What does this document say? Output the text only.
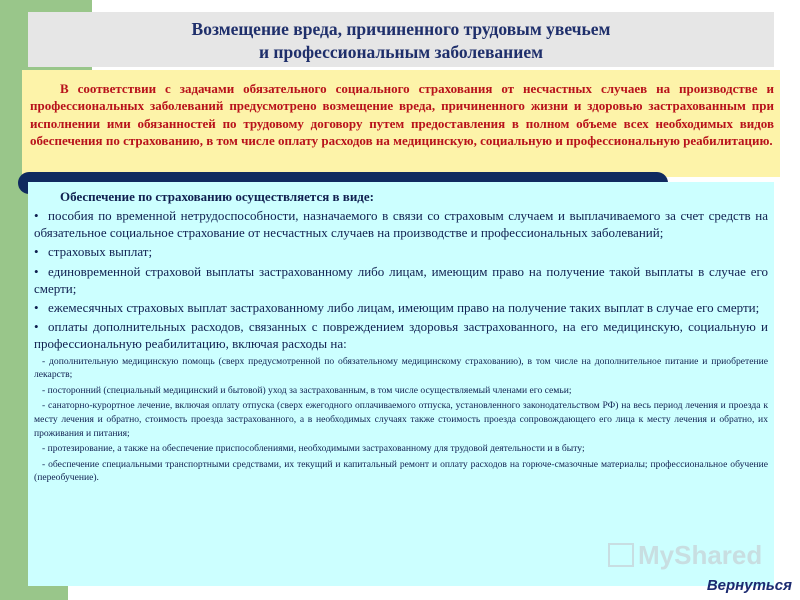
Возмещение вреда, причиненного трудовым увечьем
и профессиональным заболеванием
В соответствии с задачами обязательного социального страхования от несчастных случаев на производстве и профессиональных заболеваний предусмотрено возмещение вреда, причиненного жизни и здоровью застрахованным при исполнении ими обязанностей по трудовому договору путем предоставления в полном объеме всех необходимых видов обеспечения по страхованию, в том числе оплату расходов на медицинскую, социальную и профессиональную реабилитацию.
Обеспечение по страхованию осуществляется в виде:
• пособия по временной нетрудоспособности, назначаемого в связи со страховым случаем и выплачиваемого за счет средств на обязательное социальное страхование от несчастных случаев на производстве и профессиональных заболеваний;
• страховых выплат;
• единовременной страховой выплаты застрахованному либо лицам, имеющим право на получение такой выплаты в случае его смерти;
• ежемесячных страховых выплат застрахованному либо лицам, имеющим право на получение таких выплат в случае его смерти;
• оплаты дополнительных расходов, связанных с повреждением здоровья застрахованного, на его медицинскую, социальную и профессиональную реабилитацию, включая расходы на:
- дополнительную медицинскую помощь (сверх предусмотренной по обязательному медицинскому страхованию), в том числе на дополнительное питание и приобретение лекарств;
- посторонний (специальный медицинский и бытовой) уход за застрахованным, в том числе осуществляемый членами его семьи;
- санаторно-курортное лечение, включая оплату отпуска (сверх ежегодного оплачиваемого отпуска, установленного законодательством РФ) на весь период лечения и проезда к месту лечения и обратно, стоимость проезда застрахованного, а в необходимых случаях также стоимость проезда сопровождающего его лица к месту лечения и обратно, их проживания и питания;
- протезирование, а также на обеспечение приспособлениями, необходимыми застрахованному для трудовой деятельности и в быту;
- обеспечение специальными транспортными средствами, их текущий и капитальный ремонт и оплату расходов на горюче-смазочные материалы; профессиональное обучение (переобучение).
MyShared
Вернуться
